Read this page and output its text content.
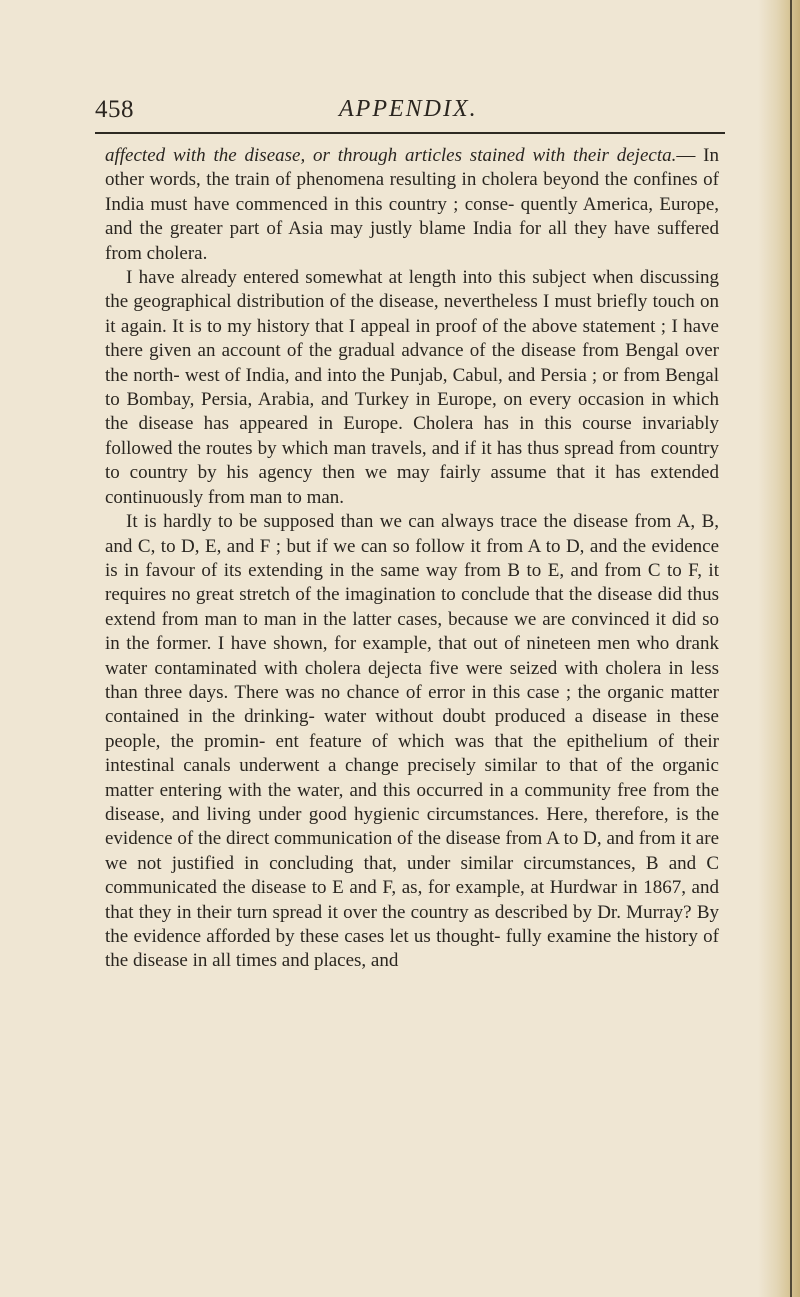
458	APPENDIX.

affected with the disease, or through articles stained with their dejecta.— In other words, the train of phenomena resulting in cholera beyond the confines of India must have commenced in this country ; conse- quently America, Europe, and the greater part of Asia may justly blame India for all they have suffered from cholera.

I have already entered somewhat at length into this subject when discussing the geographical distribution of the disease, nevertheless I must briefly touch on it again. It is to my history that I appeal in proof of the above statement ; I have there given an account of the gradual advance of the disease from Bengal over the north- west of India, and into the Punjab, Cabul, and Persia ; or from Bengal to Bombay, Persia, Arabia, and Turkey in Europe, on every occasion in which the disease has appeared in Europe. Cholera has in this course invariably followed the routes by which man travels, and if it has thus spread from country to country by his agency then we may fairly assume that it has extended continuously from man to man.

It is hardly to be supposed than we can always trace the disease from A, B, and C, to D, E, and F ; but if we can so follow it from A to D, and the evidence is in favour of its extending in the same way from B to E, and from C to F, it requires no great stretch of the imagination to conclude that the disease did thus extend from man to man in the latter cases, because we are convinced it did so in the former. I have shown, for example, that out of nineteen men who drank water contaminated with cholera dejecta five were seized with cholera in less than three days. There was no chance of error in this case ; the organic matter contained in the drinking- water without doubt produced a disease in these people, the promin- ent feature of which was that the epithelium of their intestinal canals underwent a change precisely similar to that of the organic matter entering with the water, and this occurred in a community free from the disease, and living under good hygienic circumstances. Here, therefore, is the evidence of the direct communication of the disease from A to D, and from it are we not justified in concluding that, under similar circumstances, B and C communicated the disease to E and F, as, for example, at Hurdwar in 1867, and that they in their turn spread it over the country as described by Dr. Murray? By the evidence afforded by these cases let us thought- fully examine the history of the disease in all times and places, and
